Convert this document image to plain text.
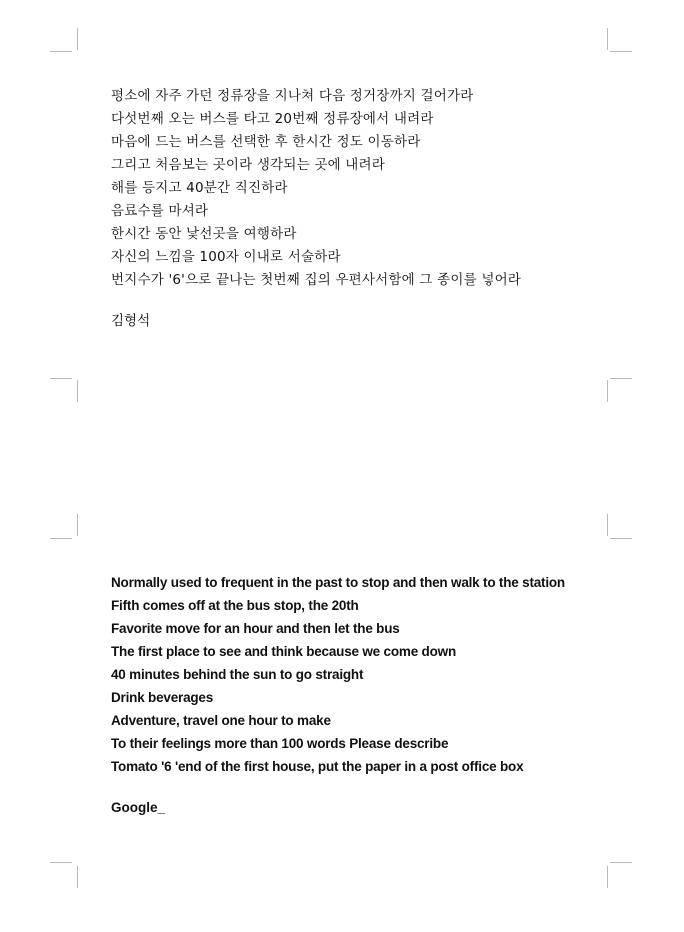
평소에 자주 가던 정류장을 지나쳐 다음 정거장까지 걸어가라
다섯번째 오는 버스를 타고 20번째 정류장에서 내려라
마음에 드는 버스를 선택한 후 한시간 정도 이동하라
그리고 처음보는 곳이라 생각되는 곳에 내려라
해를 등지고 40분간 직진하라
음료수를 마셔라
한시간 동안 낯선곳을 여행하라
자신의 느낌을 100자 이내로 서술하라
번지수가 '6'으로 끝나는 첫번째 집의 우편사서함에 그 종이를 넣어라
김형석
Normally used to frequent in the past to stop and then walk to the station
Fifth comes off at the bus stop, the 20th
Favorite move for an hour and then let the bus
The first place to see and think because we come down
40 minutes behind the sun to go straight
Drink beverages
Adventure, travel one hour to make
To their feelings more than 100 words Please describe
Tomato '6 'end of the first house, put the paper in a post office box
Google_
